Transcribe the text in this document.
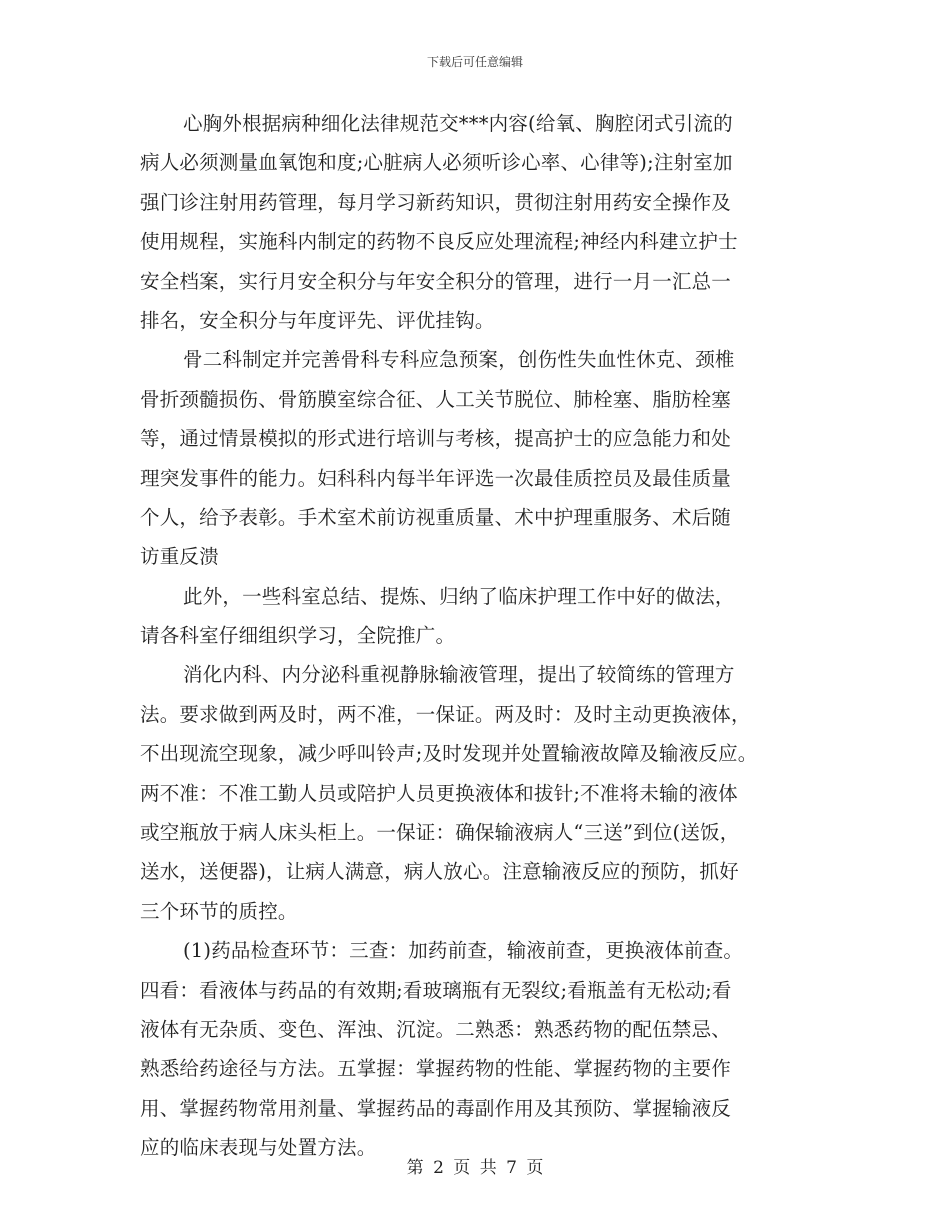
下载后可任意编辑
心胸外根据病种细化法律规范交***内容(给氧、胸腔闭式引流的
病人必须测量血氧饱和度;心脏病人必须听诊心率、心律等);注射室加
强门诊注射用药管理，每月学习新药知识，贯彻注射用药安全操作及
使用规程，实施科内制定的药物不良反应处理流程;神经内科建立护士
安全档案，实行月安全积分与年安全积分的管理，进行一月一汇总一
排名，安全积分与年度评先、评优挂钩。
骨二科制定并完善骨科专科应急预案，创伤性失血性休克、颈椎
骨折颈髓损伤、骨筋膜室综合征、人工关节脱位、肺栓塞、脂肪栓塞
等，通过情景模拟的形式进行培训与考核，提高护士的应急能力和处
理突发事件的能力。妇科科内每半年评选一次最佳质控员及最佳质量
个人，给予表彰。手术室术前访视重质量、术中护理重服务、术后随
访重反溃
此外，一些科室总结、提炼、归纳了临床护理工作中好的做法，
请各科室仔细组织学习，全院推广。
消化内科、内分泌科重视静脉输液管理，提出了较简练的管理方
法。要求做到两及时，两不准，一保证。两及时：及时主动更换液体，
不出现流空现象，减少呼叫铃声;及时发现并处置输液故障及输液反应。
两不准：不准工勤人员或陪护人员更换液体和拔针;不准将未输的液体
或空瓶放于病人床头柜上。一保证：确保输液病人“三送”到位(送饭，
送水，送便器)，让病人满意，病人放心。注意输液反应的预防，抓好
三个环节的质控。
(1)药品检查环节：三查：加药前查，输液前查，更换液体前查。
四看：看液体与药品的有效期;看玻璃瓶有无裂纹;看瓶盖有无松动;看
液体有无杂质、变色、浑浊、沉淀。二熟悉：熟悉药物的配伍禁忌、
熟悉给药途径与方法。五掌握：掌握药物的性能、掌握药物的主要作
用、掌握药物常用剂量、掌握药品的毒副作用及其预防、掌握输液反
应的临床表现与处置方法。
第 2 页 共 7 页
